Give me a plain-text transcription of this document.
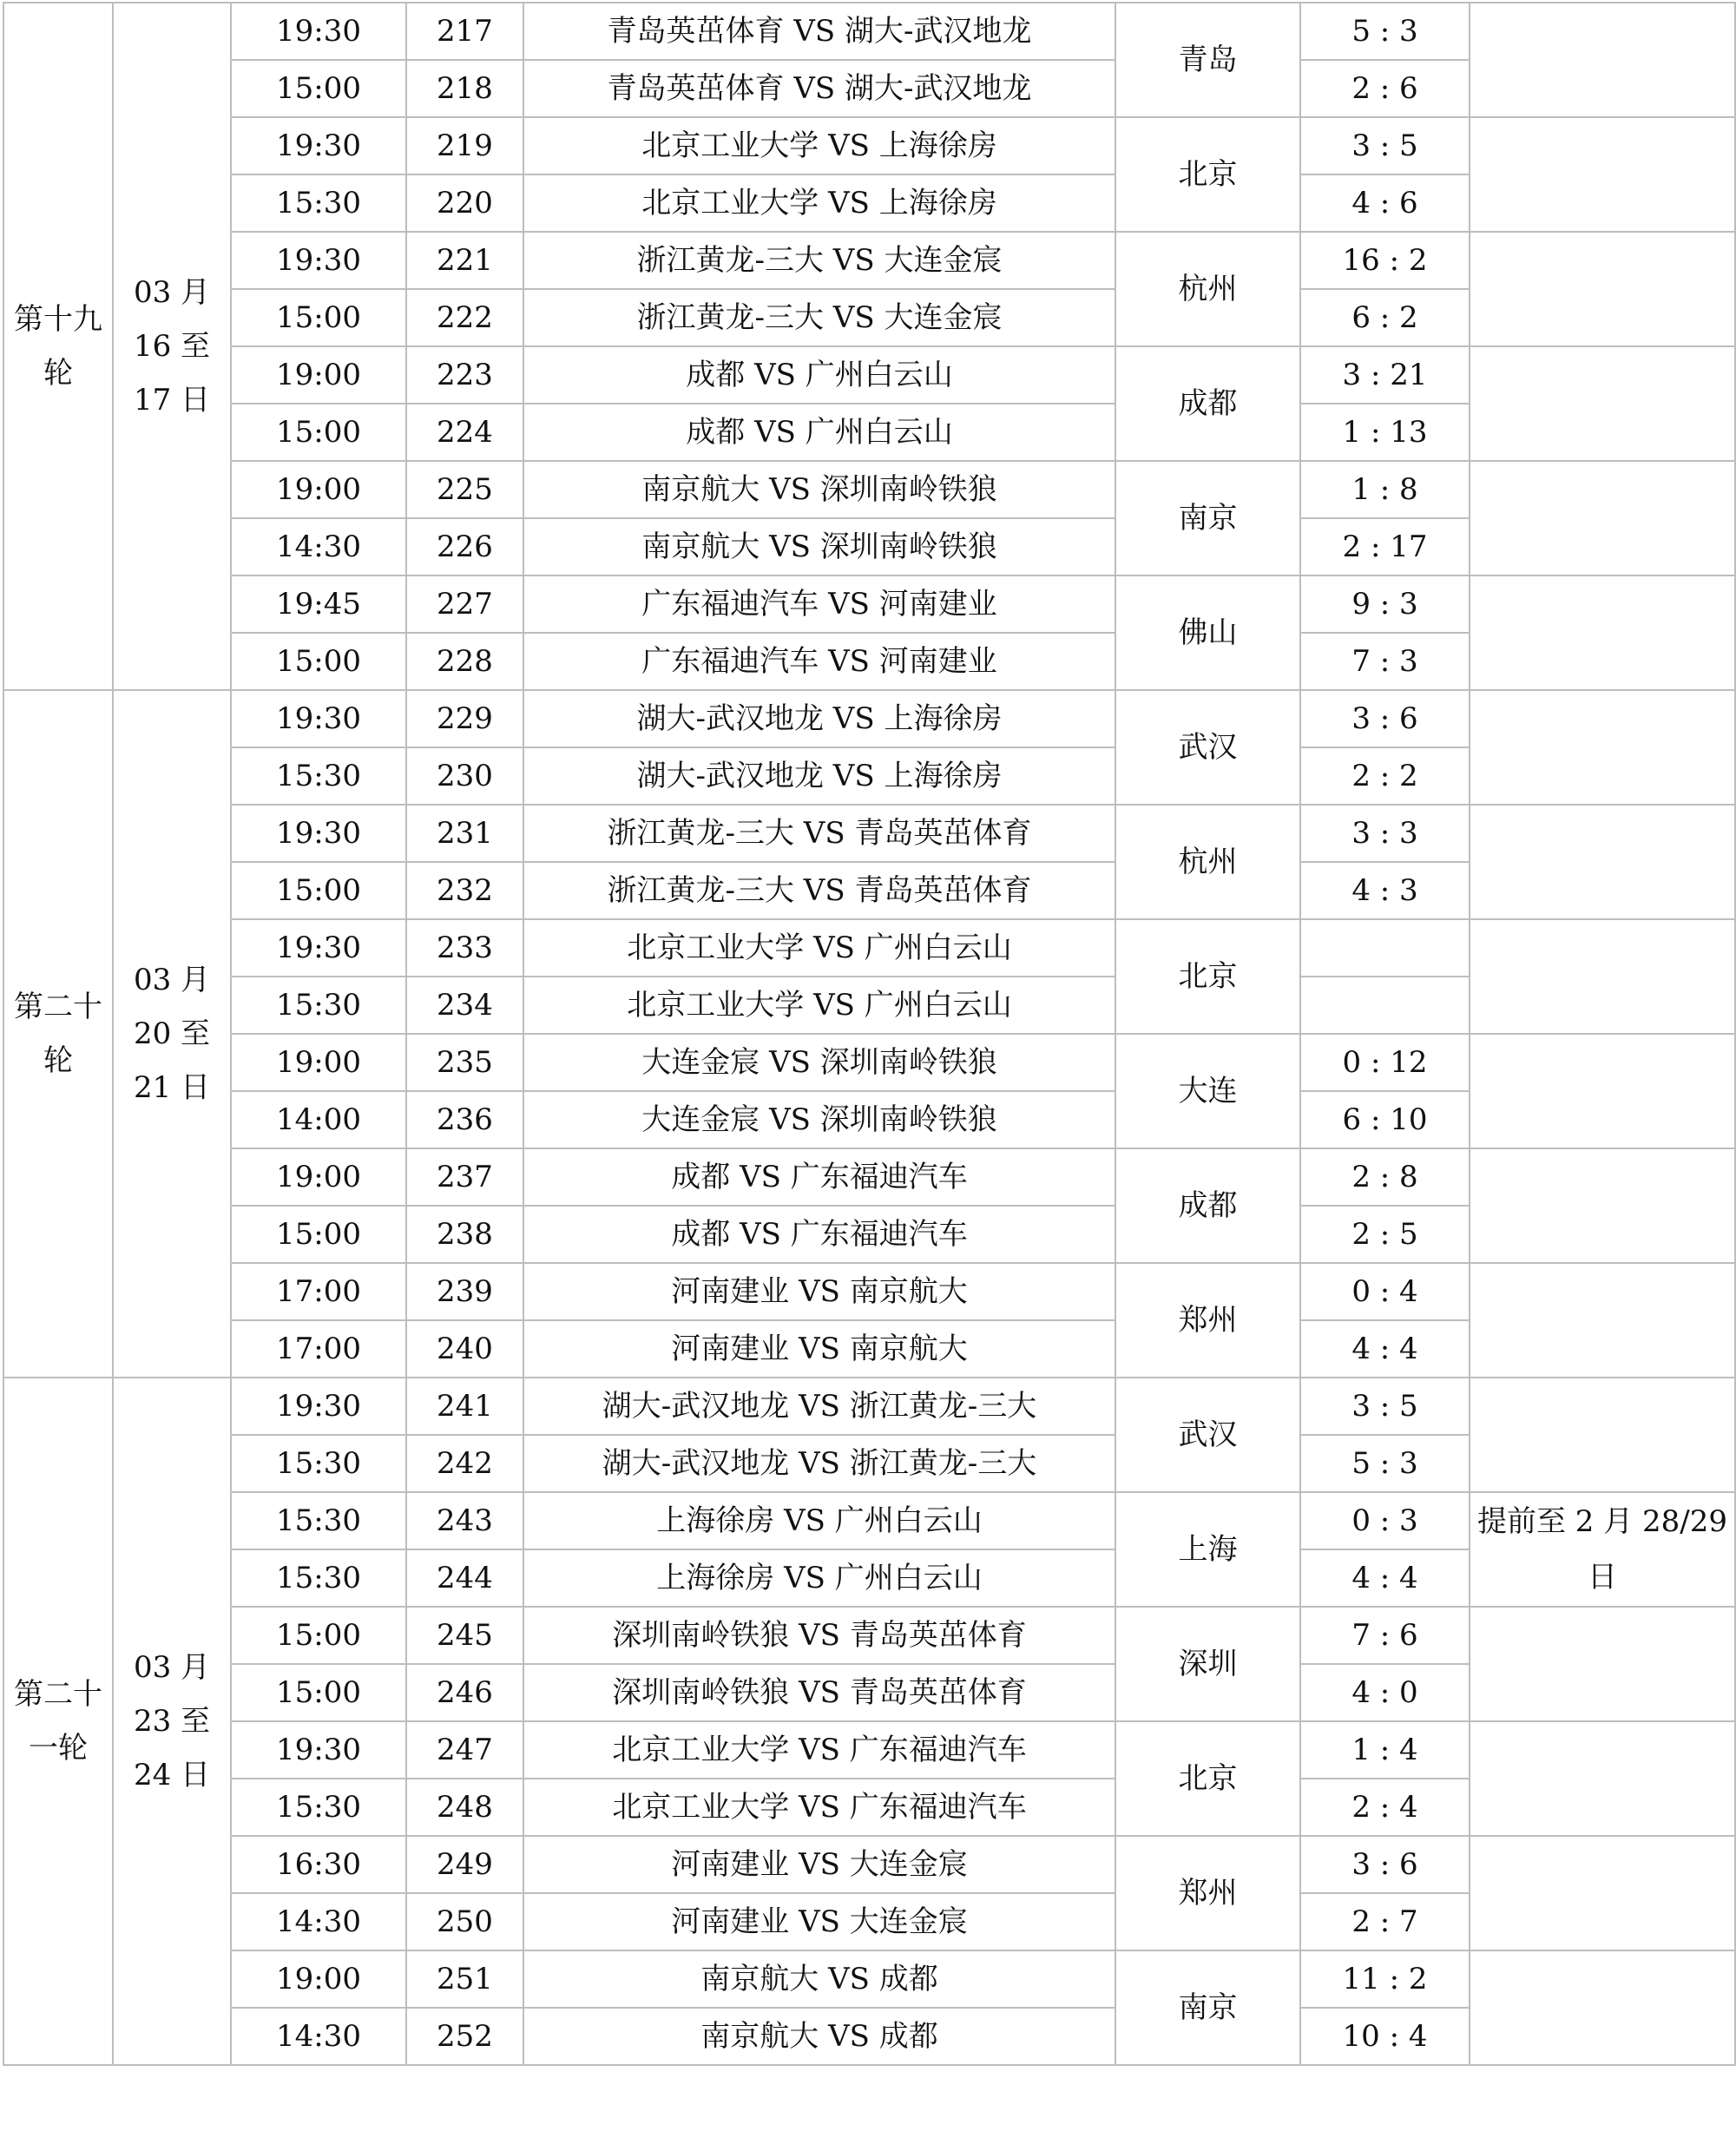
第十九轮	03 月 16 至 17 日	19:30	217	青岛英茁体育 VS 湖大-武汉地龙	青岛	5 : 3	
		15:00	218	青岛英茁体育 VS 湖大-武汉地龙		2 : 6	
		19:30	219	北京工业大学 VS 上海徐房	北京	3 : 5	
		15:30	220	北京工业大学 VS 上海徐房		4 : 6	
		19:30	221	浙江黄龙-三大 VS 大连金宸	杭州	16 : 2	
		15:00	222	浙江黄龙-三大 VS 大连金宸		6 : 2	
		19:00	223	成都 VS 广州白云山	成都	3 : 21	
		15:00	224	成都 VS 广州白云山		1 : 13	
		19:00	225	南京航大 VS 深圳南岭铁狼	南京	1 : 8	
		14:30	226	南京航大 VS 深圳南岭铁狼		2 : 17	
		19:45	227	广东福迪汽车 VS 河南建业	佛山	9 : 3	
		15:00	228	广东福迪汽车 VS 河南建业		7 : 3	
第二十轮	03 月 20 至 21 日	19:30	229	湖大-武汉地龙 VS 上海徐房	武汉	3 : 6	
		15:30	230	湖大-武汉地龙 VS 上海徐房		2 : 2	
		19:30	231	浙江黄龙-三大 VS 青岛英茁体育	杭州	3 : 3	
		15:00	232	浙江黄龙-三大 VS 青岛英茁体育		4 : 3	
		19:30	233	北京工业大学 VS 广州白云山	北京		
		15:30	234	北京工业大学 VS 广州白云山			
		19:00	235	大连金宸 VS 深圳南岭铁狼	大连	0 : 12	
		14:00	236	大连金宸 VS 深圳南岭铁狼		6 : 10	
		19:00	237	成都 VS 广东福迪汽车	成都	2 : 8	
		15:00	238	成都 VS 广东福迪汽车		2 : 5	
		17:00	239	河南建业 VS 南京航大	郑州	0 : 4	
		17:00	240	河南建业 VS 南京航大		4 : 4	
第二十一轮	03 月 23 至 24 日	19:30	241	湖大-武汉地龙 VS 浙江黄龙-三大	武汉	3 : 5	
		15:30	242	湖大-武汉地龙 VS 浙江黄龙-三大		5 : 3	
		15:30	243	上海徐房 VS 广州白云山	上海	0 : 3	提前至 2 月 28/29 日
		15:30	244	上海徐房 VS 广州白云山		4 : 4	
		15:00	245	深圳南岭铁狼 VS 青岛英茁体育	深圳	7 : 6	
		15:00	246	深圳南岭铁狼 VS 青岛英茁体育		4 : 0	
		19:30	247	北京工业大学 VS 广东福迪汽车	北京	1 : 4	
		15:30	248	北京工业大学 VS 广东福迪汽车		2 : 4	
		16:30	249	河南建业 VS 大连金宸	郑州	3 : 6	
		14:30	250	河南建业 VS 大连金宸		2 : 7	
		19:00	251	南京航大 VS 成都	南京	11 : 2	
		14:30	252	南京航大 VS 成都		10 : 4	
